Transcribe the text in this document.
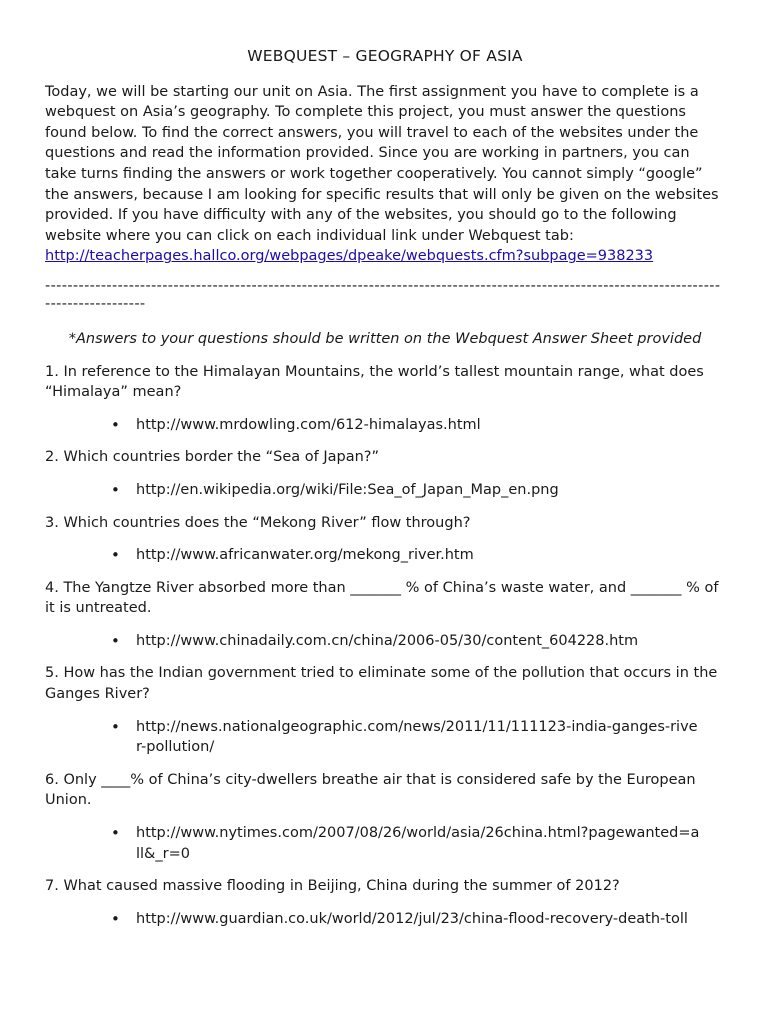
WEBQUEST – GEOGRAPHY OF ASIA

Today, we will be starting our unit on Asia. The first assignment you have to complete is a webquest on Asia’s geography. To complete this project, you must answer the questions found below. To find the correct answers, you will travel to each of the websites under the questions and read the information provided. Since you are working in partners, you can take turns finding the answers or work together cooperatively. You cannot simply “google” the answers, because I am looking for specific results that will only be given on the websites provided. If you have difficulty with any of the websites, you should go to the following website where you can click on each individual link under Webquest tab: http://teacherpages.hallco.org/webpages/dpeake/webquests.cfm?subpage=938233

-------------------------------------------------------------------------------------------------------------------------------------------
*Answers to your questions should be written on the Webquest Answer Sheet provided
1. In reference to the Himalayan Mountains, the world’s tallest mountain range, what does “Himalaya” mean?
•	http://www.mrdowling.com/612-himalayas.html
2. Which countries border the “Sea of Japan?”
•	http://en.wikipedia.org/wiki/File:Sea_of_Japan_Map_en.png
3. Which countries does the “Mekong River” flow through?
•	http://www.africanwater.org/mekong_river.htm
4. The Yangtze River absorbed more than _______ % of China’s waste water, and _______ % of it is untreated.
•	http://www.chinadaily.com.cn/china/2006-05/30/content_604228.htm
5. How has the Indian government tried to eliminate some of the pollution that occurs in the Ganges River?
•	http://news.nationalgeographic.com/news/2011/11/111123-india-ganges-river-pollution/
6. Only ____% of China’s city-dwellers breathe air that is considered safe by the European Union.
•	http://www.nytimes.com/2007/08/26/world/asia/26china.html?pagewanted=all&_r=0
7. What caused massive flooding in Beijing, China during the summer of 2012?
•	http://www.guardian.co.uk/world/2012/jul/23/china-flood-recovery-death-toll
